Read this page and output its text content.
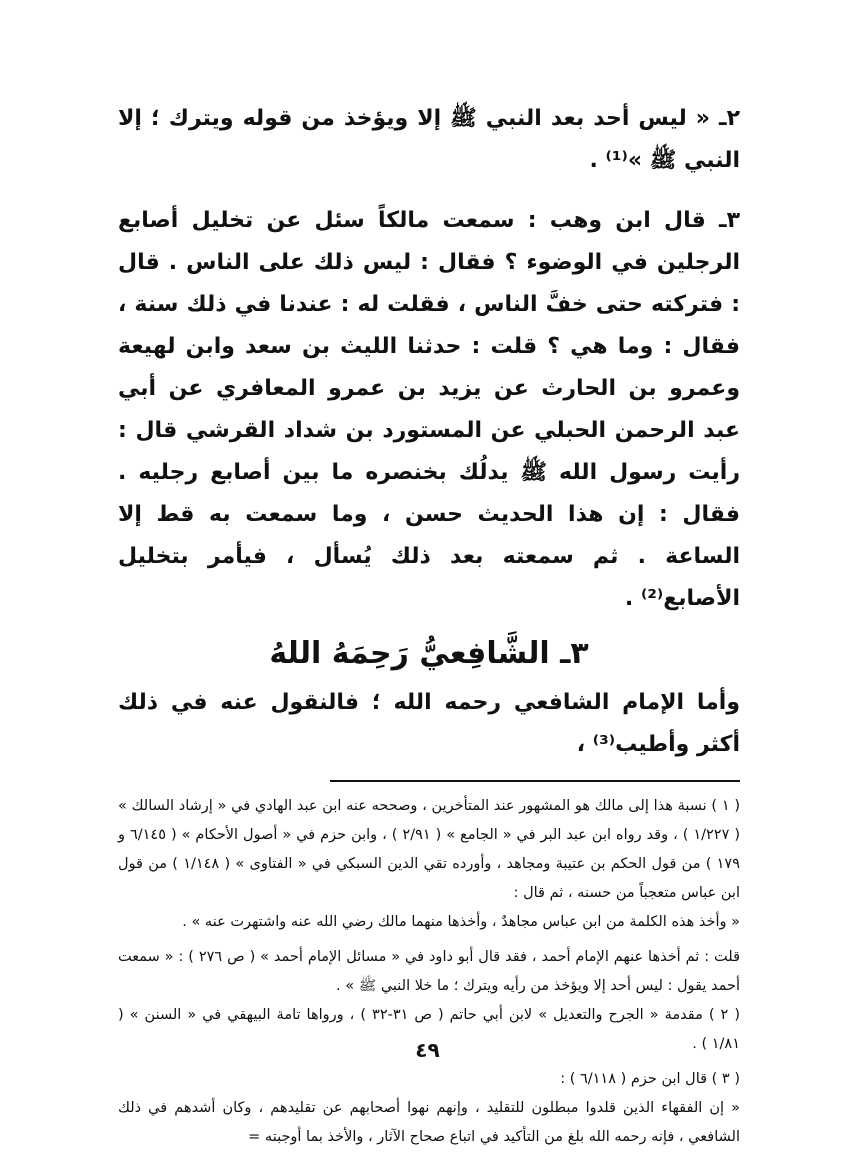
٢ـ « ليس أحد بعد النبي ﷺ إلا ويؤخذ من قوله ويترك ؛ إلا النبي ﷺ »⁽¹⁾ .

٣ـ قال ابن وهب : سمعت مالكاً سئل عن تخليل أصابع الرجلين في الوضوء ؟ فقال : ليس ذلك على الناس . قال : فتركته حتى خفَّ الناس ، فقلت له : عندنا في ذلك سنة ، فقال : وما هي ؟ قلت : حدثنا الليث بن سعد وابن لهيعة وعمرو بن الحارث عن يزيد بن عمرو المعافري عن أبي عبد الرحمن الحبلي عن المستورد بن شداد القرشي قال : رأيت رسول الله ﷺ يدلُك بخنصره ما بين أصابع رجليه . فقال : إن هذا الحديث حسن ، وما سمعت به قط إلا الساعة . ثم سمعته بعد ذلك يُسأل ، فيأمر بتخليل الأصابع⁽²⁾ .

٣ـ الشَّافِعيُّ رَحِمَهُ اللهُ

وأما الإمام الشافعي رحمه الله ؛ فالنقول عنه في ذلك أكثر وأطيب⁽³⁾ ،

( ١ ) نسبة هذا إلى مالك هو المشهور عند المتأخرين ، وصححه عنه ابن عبد الهادي في « إرشاد السالك » ( ١/٢٢٧ ) ، وقد رواه ابن عبد البر في « الجامع » ( ٢/٩١ ) ، وابن حزم في « أصول الأحكام » ( ٦/١٤٥ و ١٧٩ ) من قول الحكم بن عتيبة ومجاهد ، وأورده تقي الدين السبكي في « الفتاوى » ( ١/١٤٨ ) من قول ابن عباس متعجباً من حسنه ، ثم قال :

« وأخذ هذه الكلمة من ابن عباس مجاهدٌ ، وأخذها منهما مالك رضي الله عنه واشتهرت عنه » .

قلت : ثم أخذها عنهم الإمام أحمد ، فقد قال أبو داود في « مسائل الإمام أحمد » ( ص ٢٧٦ ) : « سمعت أحمد يقول : ليس أحد إلا ويؤخذ من رأيه ويترك ؛ ما خلا النبي ﷺ » .

( ٢ ) مقدمة « الجرح والتعديل » لابن أبي حاتم ( ص ٣١-٣٢ ) ، ورواها تامة البيهقي في « السنن » ( ١/٨١ ) .

( ٣ ) قال ابن حزم ( ٦/١١٨ ) :

« إن الفقهاء الذين قلدوا مبطلون للتقليد ، وإنهم نهوا أصحابهم عن تقليدهم ، وكان أشدهم في ذلك الشافعي ، فإنه رحمه الله بلغ من التأكيد في اتباع صحاح الآثار ، والأخذ بما أوجبته =

٤٩
